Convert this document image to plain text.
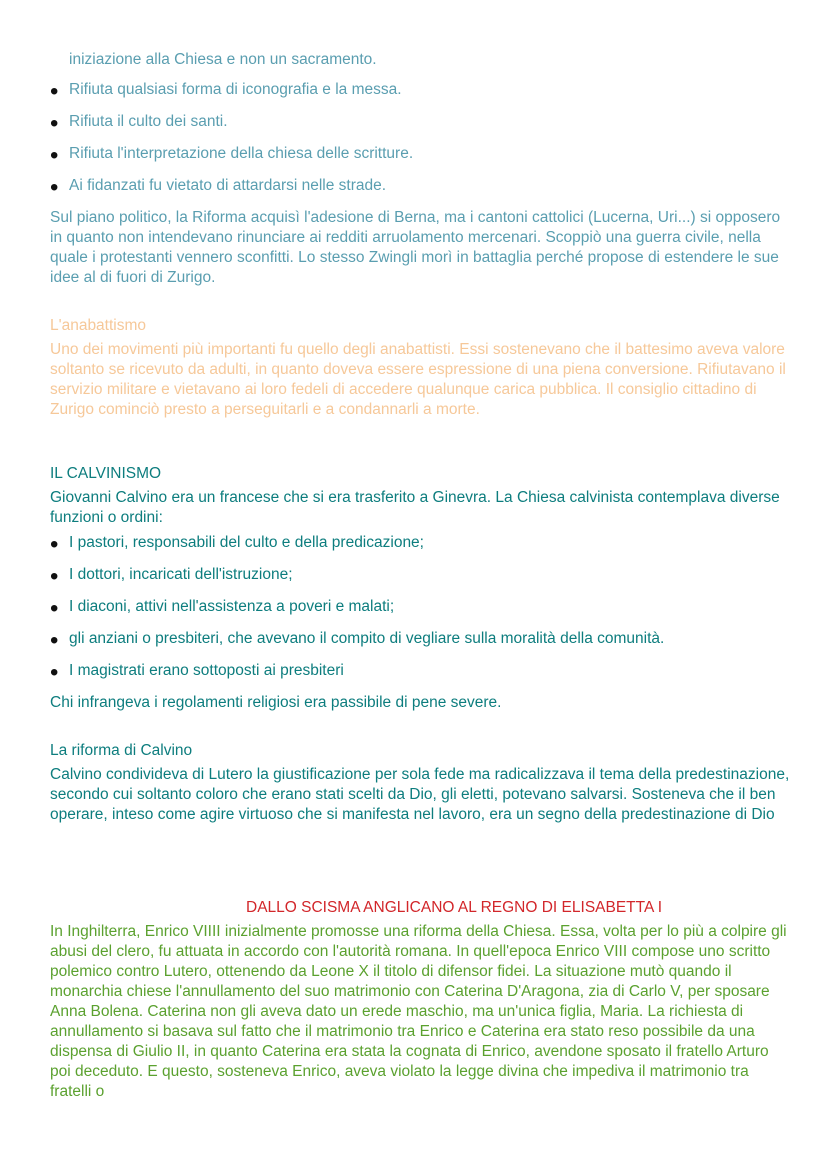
iniziazione alla Chiesa e non un sacramento.

• Rifiuta qualsiasi forma di iconografia e la messa.
• Rifiuta il culto dei santi.
• Rifiuta l'interpretazione della chiesa delle scritture.
• Ai fidanzati fu vietato di attardarsi nelle strade.

Sul piano politico, la Riforma acquisì l'adesione di Berna, ma i cantoni cattolici (Lucerna, Uri...) si opposero in quanto non intendevano rinunciare ai redditi arruolamento mercenari. Scoppiò una guerra civile, nella quale i protestanti vennero sconfitti. Lo stesso Zwingli morì in battaglia perché propose di estendere le sue idee al di fuori di Zurigo.

L'anabattismo

Uno dei movimenti più importanti fu quello degli anabattisti. Essi sostenevano che il battesimo aveva valore soltanto se ricevuto da adulti, in quanto doveva essere espressione di una piena conversione. Rifiutavano il servizio militare e vietavano ai loro fedeli di accedere qualunque carica pubblica. Il consiglio cittadino di Zurigo cominciò presto a perseguitarli e a condannarli a morte.

IL CALVINISMO

Giovanni Calvino era un francese che si era trasferito a Ginevra. La Chiesa calvinista contemplava diverse funzioni o ordini:

• I pastori, responsabili del culto e della predicazione;
• I dottori, incaricati dell'istruzione;
• I diaconi, attivi nell'assistenza a poveri e malati;
• gli anziani o presbiteri, che avevano il compito di vegliare sulla moralità della comunità.
• I magistrati erano sottoposti ai presbiteri

Chi infrangeva i regolamenti religiosi era passibile di pene severe.

La riforma di Calvino

Calvino condivideva di Lutero la giustificazione per sola fede ma radicalizzava il tema della predestinazione, secondo cui soltanto coloro che erano stati scelti da Dio, gli eletti, potevano salvarsi. Sosteneva che il ben operare, inteso come agire virtuoso che si manifesta nel lavoro, era un segno della predestinazione di Dio

DALLO SCISMA ANGLICANO AL REGNO DI ELISABETTA I

In Inghilterra, Enrico VIIII inizialmente promosse una riforma della Chiesa. Essa, volta per lo più a colpire gli abusi del clero, fu attuata in accordo con l'autorità romana. In quell'epoca Enrico VIII compose uno scritto polemico contro Lutero, ottenendo da Leone X il titolo di difensor fidei. La situazione mutò quando il monarchia chiese l'annullamento del suo matrimonio con Caterina D'Aragona, zia di Carlo V, per sposare Anna Bolena. Caterina non gli aveva dato un erede maschio, ma un'unica figlia, Maria. La richiesta di annullamento si basava sul fatto che il matrimonio tra Enrico e Caterina era stato reso possibile da una dispensa di Giulio II, in quanto Caterina era stata la cognata di Enrico, avendone sposato il fratello Arturo poi deceduto. E questo, sosteneva Enrico, aveva violato la legge divina che impediva il matrimonio tra fratelli o
